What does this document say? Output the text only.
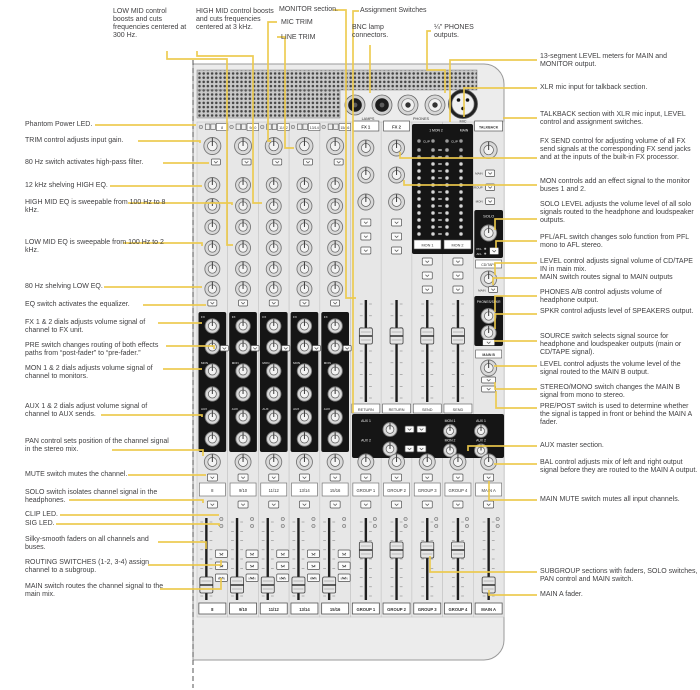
LAMPS	PHONES
MIC
8
FX
MON
AUX
9/10
FX
MON
AUX
11/12
FX
MON
AUX
13/14
FX
MON
AUX
15/16
FX
MON
AUX
FX 1	FX 2
1 MON 2	MAIN
CLIP	CLIP
MON 1	MON 2
RETURN	RETURN	SEND	SEND
TALKBACK
MAIN
GROUP
MON
SOLO
PFL
AFL
CD/TAPE
MAIN
PHONES/SPKR
MAIN B
AUX 1	MON 1	AUX 1
AUX 2	MON 2	AUX 2
8
1-2
3-4
MAIN
8
9/10
1-2
3-4
MAIN
9/10
11/12
1-2
3-4
MAIN
11/12
13/14
1-2
3-4
MAIN
13/14
15/16
1-2
3-4
MAIN
15/16
GROUP 1
GROUP 1
GROUP 2
GROUP 2
GROUP 3
GROUP 3
GROUP 4
GROUP 4
MAIN A
MAIN A
LOW MID control boosts and cuts frequencies centered at 300 Hz.
HIGH MID control boosts and cuts frequencies centered at 3 kHz.
MONITOR section.
MIC TRIM
LINE TRIM
Assignment Switches
BNC lamp connectors.
¼" PHONES outputs.
Phantom Power LED.
TRIM control adjusts input gain.
80 Hz switch activates high-pass filter.
12 kHz shelving HIGH EQ.
HIGH MID EQ is sweepable from 100 Hz to 8 kHz.
LOW MID EQ is sweepable from 100 Hz to 2 kHz.
80 Hz shelving LOW EQ.
EQ switch activates the equalizer.
FX 1 & 2 dials adjusts volume signal of channel to FX unit.
PRE switch changes routing of both effects paths from “post-fader” to “pre-fader.”
MON 1 & 2 dials adjusts volume signal of channel to monitors.
AUX 1 & 2 dials adjust volume signal of channel to AUX sends.
PAN control sets position of the channel signal in the stereo mix.
MUTE switch mutes the channel.
SOLO switch isolates channel signal in the headphones.
CLIP LED.
SIG LED.
Silky-smooth faders on all channels and buses.
ROUTING SWITCHES (1-2, 3-4) assign channel to a subgroup.
MAIN switch routes the channel signal to the main mix.
13-segment LEVEL meters for MAIN and MONITOR output.
XLR mic input for talkback section.
TALKBACK section with XLR mic input, LEVEL control and assignment switches.
FX SEND control for adjusting volume of all FX send signals at the corresponding FX send jacks and at the inputs of the built-in FX processor.
MON controls add an effect signal to the monitor buses 1 and 2.
SOLO LEVEL adjusts the volume level of all solo signals routed to the headphone and loudspeaker outputs.
PFL/AFL switch changes solo function from PFL mono to AFL stereo.
LEVEL control adjusts signal volume of CD/TAPE IN in main mix.
MAIN switch routes signal to MAIN outputs
PHONES A/B control adjusts volume of headphone output.
SPKR control adjusts level of SPEAKERS output.
SOURCE switch selects signal source for headphone and loudspeaker outputs (main or CD/TAPE signal).
LEVEL control adjusts the volume level of the signal routed to the MAIN B output.
STEREO/MONO switch changes the MAIN B signal from mono to stereo.
PRE/POST switch is used to determine whether the signal is tapped in front or behind the MAIN A fader.
AUX master section.
BAL control adjusts mix of left and right output signal before they are routed to the MAIN A output.
MAIN MUTE switch mutes all input channels.
SUBGROUP sections with faders, SOLO switches, PAN control and MAIN switch.
MAIN A fader.
